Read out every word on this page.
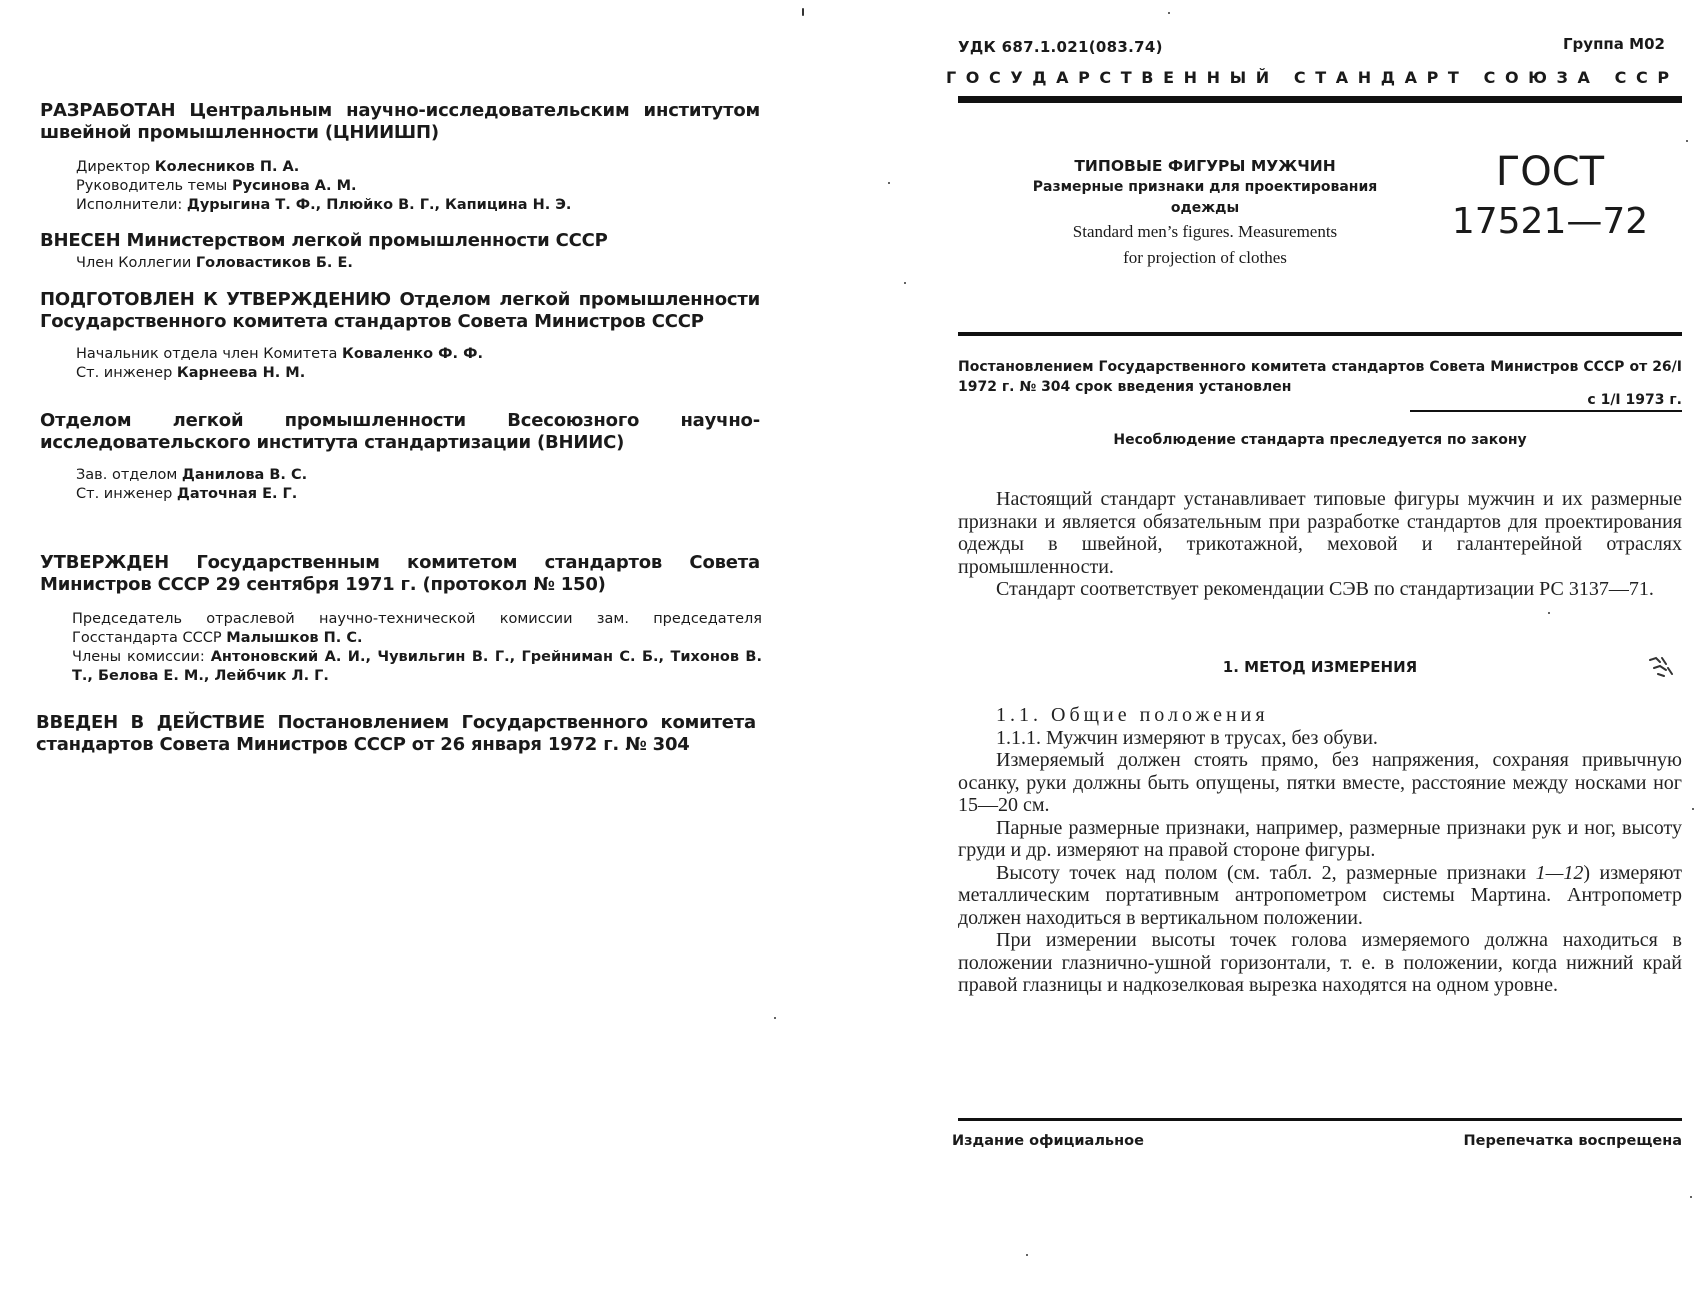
РАЗРАБОТАН Центральным научно-исследовательским институтом швейной промышленности (ЦНИИШП)

Директор Колесников П. А.

Руководитель темы Русинова А. М.

Исполнители: Дурыгина Т. Ф., Плюйко В. Г., Капицина Н. Э.

ВНЕСЕН Министерством легкой промышленности СССР

Член Коллегии Головастиков Б. Е.

ПОДГОТОВЛЕН К УТВЕРЖДЕНИЮ Отделом легкой промышленности Государственного комитета стандартов Совета Министров СССР

Начальник отдела член Комитета Коваленко Ф. Ф.

Ст. инженер Карнеева Н. М.

Отделом легкой промышленности Всесоюзного научно-исследовательского института стандартизации (ВНИИС)

Зав. отделом Данилова В. С.

Ст. инженер Даточная Е. Г.

УТВЕРЖДЕН Государственным комитетом стандартов Совета Министров СССР 29 сентября 1971 г. (протокол № 150)

Председатель отраслевой научно-технической комиссии зам. председателя Госстандарта СССР Малышков П. С.

Члены комиссии: Антоновский А. И., Чувильгин В. Г., Грейниман С. Б., Тихонов В. Т., Белова Е. М., Лейбчик Л. Г.

ВВЕДЕН В ДЕЙСТВИЕ Постановлением Государственного комитета стандартов Совета Министров СССР от 26 января 1972 г. № 304

УДК 687.1.021(083.74)	Группа М02
ГОСУДАРСТВЕННЫЙ СТАНДАРТ СОЮЗА ССР

ТИПОВЫЕ ФИГУРЫ МУЖЧИН

Размерные признаки для проектирования

одежды

Standard men’s figures. Measurements

for projection of clothes

ГОСТ
17521—72
Постановлением Государственного комитета стандартов Совета Министров СССР от 26/I 1972 г. № 304 срок введения установлен
с 1/I 1973 г.
Несоблюдение стандарта преследуется по закону

Настоящий стандарт устанавливает типовые фигуры мужчин и их размерные признаки и является обязательным при разработке стандартов для проектирования одежды в швейной, трикотажной, меховой и галантерейной отраслях промышленности.

Стандарт соответствует рекомендации СЭВ по стандартизации РС 3137—71.

1. МЕТОД ИЗМЕРЕНИЯ

1.1. Общие положения

1.1.1. Мужчин измеряют в трусах, без обуви.

Измеряемый должен стоять прямо, без напряжения, сохраняя привычную осанку, руки должны быть опущены, пятки вместе, расстояние между носками ног 15—20 см.

Парные размерные признаки, например, размерные признаки рук и ног, высоту груди и др. измеряют на правой стороне фигуры.

Высоту точек над полом (см. табл. 2, размерные признаки 1—12) измеряют металлическим портативным антропометром системы Мартина. Антропометр должен находиться в вертикальном положении.

При измерении высоты точек голова измеряемого должна находиться в положении глазнично-ушной горизонтали, т. е. в положении, когда нижний край правой глазницы и надкозелковая вырезка находятся на одном уровне.

Издание официальное	Перепечатка воспрещена
